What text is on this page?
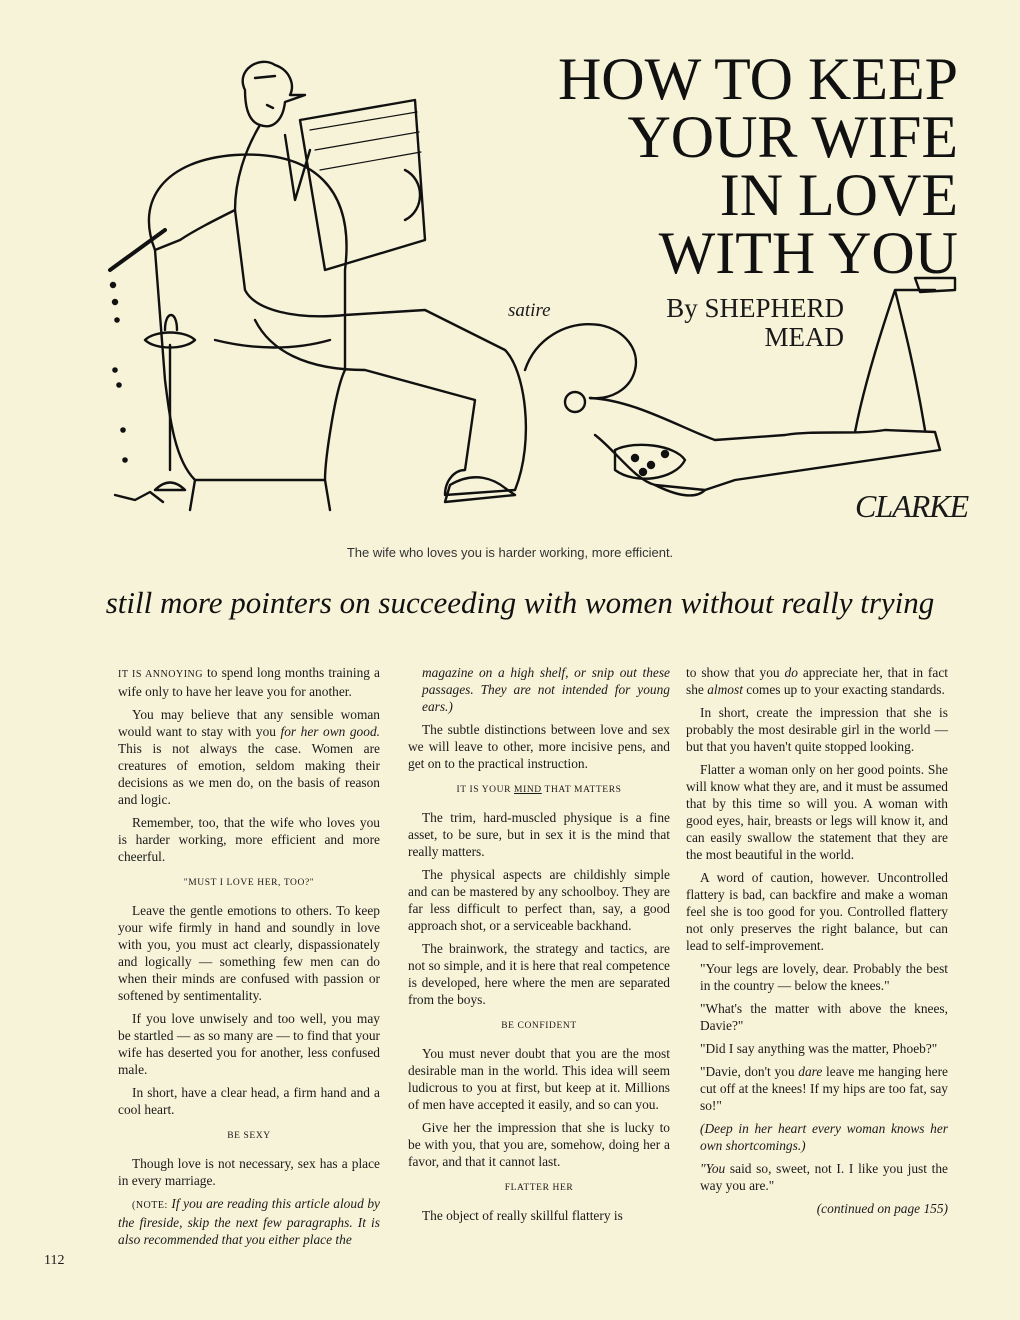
HOW TO KEEP
YOUR WIFE
IN LOVE
WITH YOU
satire	By SHEPHERD
MEAD
CLARKE
The wife who loves you is harder working, more efficient.
still more pointers on succeeding with women without really trying

IT IS ANNOYING to spend long months training a wife only to have her leave you for another.

You may believe that any sensible woman would want to stay with you for her own good. This is not always the case. Women are creatures of emotion, seldom making their decisions as we men do, on the basis of reason and logic.

Remember, too, that the wife who loves you is harder working, more efficient and more cheerful.

"MUST I LOVE HER, TOO?"

Leave the gentle emotions to others. To keep your wife firmly in hand and soundly in love with you, you must act clearly, dispassionately and logically — something few men can do when their minds are confused with passion or softened by sentimentality.

If you love unwisely and too well, you may be startled — as so many are — to find that your wife has deserted you for another, less confused male.

In short, have a clear head, a firm hand and a cool heart.

BE SEXY

Though love is not necessary, sex has a place in every marriage.

(NOTE: If you are reading this article aloud by the fireside, skip the next few paragraphs. It is also recommended that you either place the

magazine on a high shelf, or snip out these passages. They are not intended for young ears.)

The subtle distinctions between love and sex we will leave to other, more incisive pens, and get on to the practical instruction.

IT IS YOUR MIND THAT MATTERS

The trim, hard-muscled physique is a fine asset, to be sure, but in sex it is the mind that really matters.

The physical aspects are childishly simple and can be mastered by any schoolboy. They are far less difficult to perfect than, say, a good approach shot, or a serviceable backhand.

The brainwork, the strategy and tactics, are not so simple, and it is here that real competence is developed, here where the men are separated from the boys.

BE CONFIDENT

You must never doubt that you are the most desirable man in the world. This idea will seem ludicrous to you at first, but keep at it. Millions of men have accepted it easily, and so can you.

Give her the impression that she is lucky to be with you, that you are, somehow, doing her a favor, and that it cannot last.

FLATTER HER

The object of really skillful flattery is

to show that you do appreciate her, that in fact she almost comes up to your exacting standards.

In short, create the impression that she is probably the most desirable girl in the world — but that you haven't quite stopped looking.

Flatter a woman only on her good points. She will know what they are, and it must be assumed that by this time so will you. A woman with good eyes, hair, breasts or legs will know it, and can easily swallow the statement that they are the most beautiful in the world.

A word of caution, however. Uncontrolled flattery is bad, can backfire and make a woman feel she is too good for you. Controlled flattery not only preserves the right balance, but can lead to self-improvement.

"Your legs are lovely, dear. Probably the best in the country — below the knees."

"What's the matter with above the knees, Davie?"

"Did I say anything was the matter, Phoeb?"

"Davie, don't you dare leave me hanging here cut off at the knees! If my hips are too fat, say so!"

(Deep in her heart every woman knows her own shortcomings.)

"You said so, sweet, not I. I like you just the way you are."

(continued on page 155)

112
